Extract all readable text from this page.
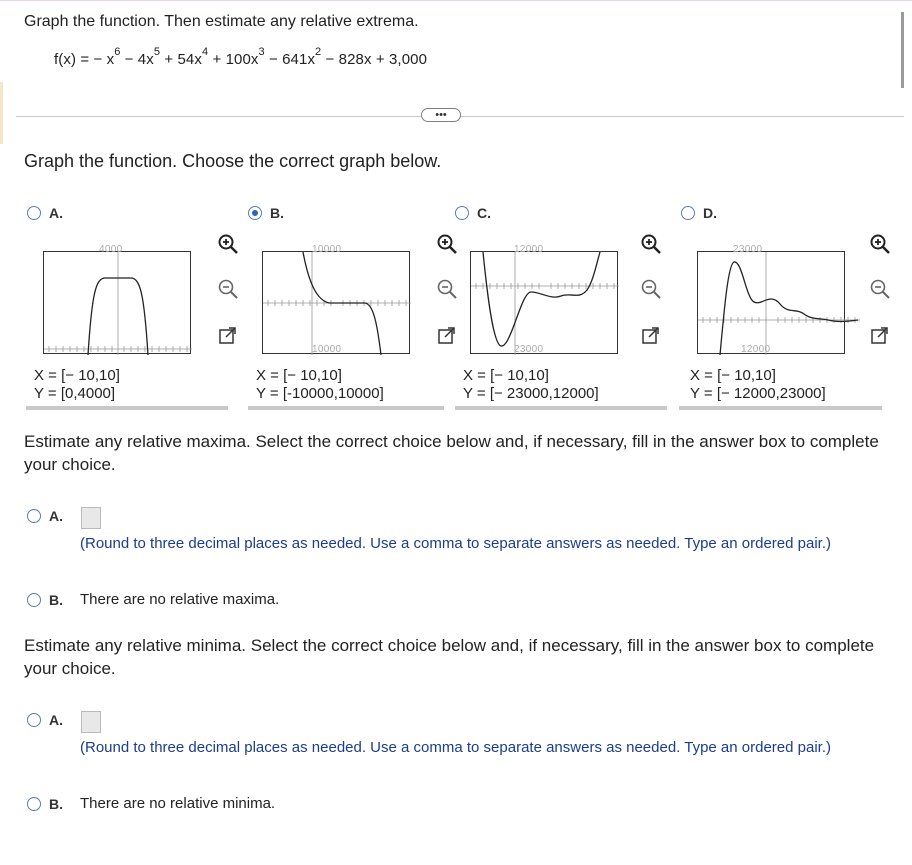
Graph the function. Then estimate any relative extrema.
f(x) = − $x^6 - 4x^5 + 54x^4 + 100x^3 - 641x^2 - 828x + 3,000$
•••
Graph the function. Choose the correct graph below.
A.
4000
X = [− 10,10]
Y = [0,4000]
B.
10000
10000
X = [− 10,10]
Y = [-10000,10000]
C.
12000
23000
X = [− 10,10]
Y = [− 23000,12000]
D.
23000
12000
X = [− 10,10]
Y = [− 12000,23000]
Estimate any relative maxima. Select the correct choice below and, if necessary, fill in the answer box to complete your choice.
A.
(Round to three decimal places as needed. Use a comma to separate answers as needed. Type an ordered pair.)
B. There are no relative maxima.
Estimate any relative minima. Select the correct choice below and, if necessary, fill in the answer box to complete your choice.
A.
(Round to three decimal places as needed. Use a comma to separate answers as needed. Type an ordered pair.)
B. There are no relative minima.
